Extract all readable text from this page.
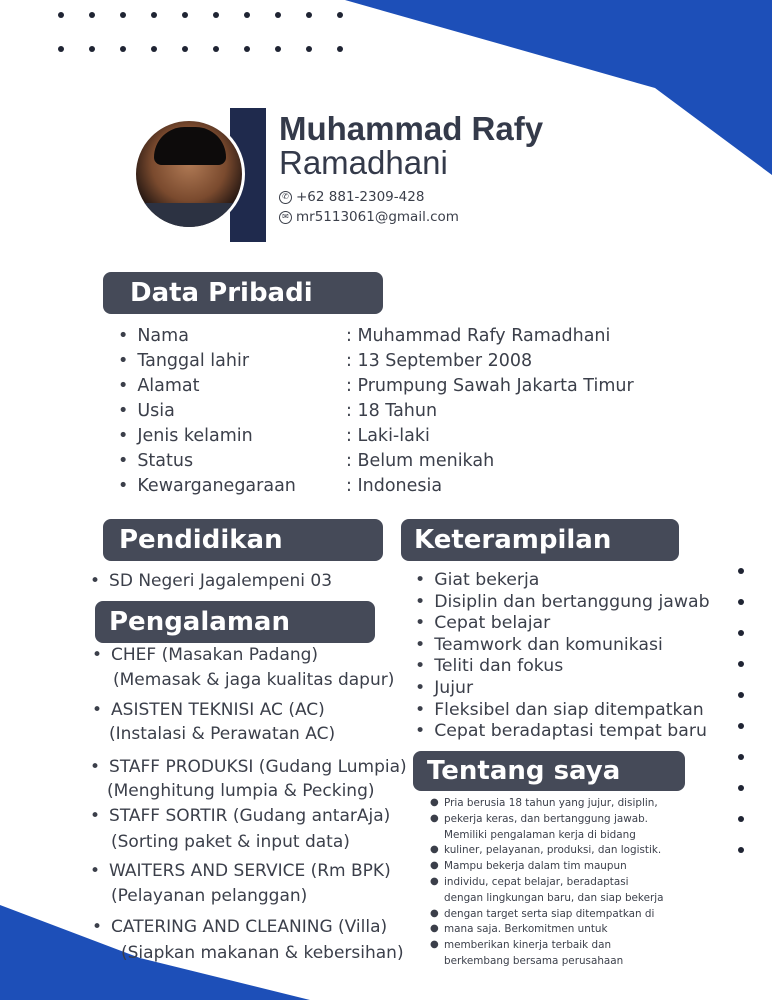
Muhammad Rafy
Ramadhani
✆ +62 881-2309-428
✉ mr5113061@gmail.com
Data Pribadi
• Nama	: Muhammad Rafy Ramadhani
• Tanggal lahir	: 13 September 2008
• Alamat	: Prumpung Sawah Jakarta Timur
• Usia	: 18 Tahun
• Jenis kelamin	: Laki-laki
• Status	: Belum menikah
• Kewarganegaraan	: Indonesia
Pendidikan
• SD Negeri Jagalempeni 03
Pengalaman
• CHEF (Masakan Padang)
(Memasak & jaga kualitas dapur)
• ASISTEN TEKNISI AC (AC)
(Instalasi & Perawatan AC)
• STAFF PRODUKSI (Gudang Lumpia)
(Menghitung lumpia & Pecking)
• STAFF SORTIR (Gudang antarAja)
(Sorting paket & input data)
• WAITERS AND SERVICE (Rm BPK)
(Pelayanan pelanggan)
• CATERING AND CLEANING (Villa)
(Siapkan makanan & kebersihan)
Keterampilan
• Giat bekerja
• Disiplin dan bertanggung jawab
• Cepat belajar
• Teamwork dan komunikasi
• Teliti dan fokus
• Jujur
• Fleksibel dan siap ditempatkan
• Cepat beradaptasi tempat baru
Tentang saya
● Pria berusia 18 tahun yang jujur, disiplin,
● pekerja keras, dan bertanggung jawab.
Memiliki pengalaman kerja di bidang
● kuliner, pelayanan, produksi, dan logistik.
● Mampu bekerja dalam tim maupun
● individu, cepat belajar, beradaptasi
dengan lingkungan baru, dan siap bekerja
● dengan target serta siap ditempatkan di
● mana saja. Berkomitmen untuk
● memberikan kinerja terbaik dan
berkembang bersama perusahaan
